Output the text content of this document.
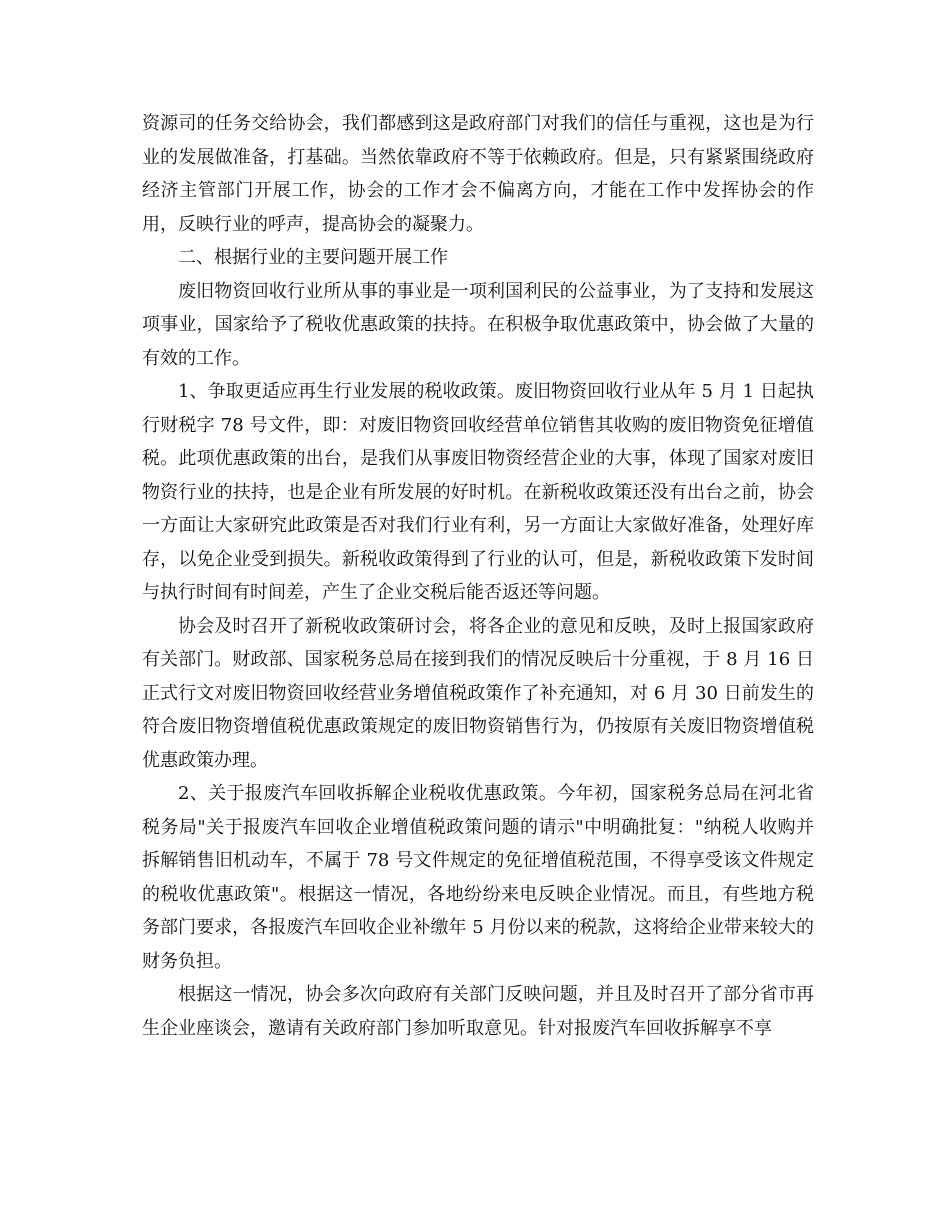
资源司的任务交给协会，我们都感到这是政府部门对我们的信任与重视，这也是为行业的发展做准备，打基础。当然依靠政府不等于依赖政府。但是，只有紧紧围绕政府经济主管部门开展工作，协会的工作才会不偏离方向，才能在工作中发挥协会的作用，反映行业的呼声，提高协会的凝聚力。

二、根据行业的主要问题开展工作

废旧物资回收行业所从事的事业是一项利国利民的公益事业，为了支持和发展这项事业，国家给予了税收优惠政策的扶持。在积极争取优惠政策中，协会做了大量的有效的工作。

1、争取更适应再生行业发展的税收政策。废旧物资回收行业从年 5 月 1 日起执行财税字 78 号文件，即：对废旧物资回收经营单位销售其收购的废旧物资免征增值税。此项优惠政策的出台，是我们从事废旧物资经营企业的大事，体现了国家对废旧物资行业的扶持，也是企业有所发展的好时机。在新税收政策还没有出台之前，协会一方面让大家研究此政策是否对我们行业有利，另一方面让大家做好准备，处理好库存，以免企业受到损失。新税收政策得到了行业的认可，但是，新税收政策下发时间与执行时间有时间差，产生了企业交税后能否返还等问题。

协会及时召开了新税收政策研讨会，将各企业的意见和反映，及时上报国家政府有关部门。财政部、国家税务总局在接到我们的情况反映后十分重视，于 8 月 16 日正式行文对废旧物资回收经营业务增值税政策作了补充通知，对 6 月 30 日前发生的符合废旧物资增值税优惠政策规定的废旧物资销售行为，仍按原有关废旧物资增值税优惠政策办理。

2、关于报废汽车回收拆解企业税收优惠政策。今年初，国家税务总局在河北省税务局"关于报废汽车回收企业增值税政策问题的请示"中明确批复："纳税人收购并拆解销售旧机动车，不属于 78 号文件规定的免征增值税范围，不得享受该文件规定的税收优惠政策"。根据这一情况，各地纷纷来电反映企业情况。而且，有些地方税务部门要求，各报废汽车回收企业补缴年 5 月份以来的税款，这将给企业带来较大的财务负担。

根据这一情况，协会多次向政府有关部门反映问题，并且及时召开了部分省市再生企业座谈会，邀请有关政府部门参加听取意见。针对报废汽车回收拆解享不享
